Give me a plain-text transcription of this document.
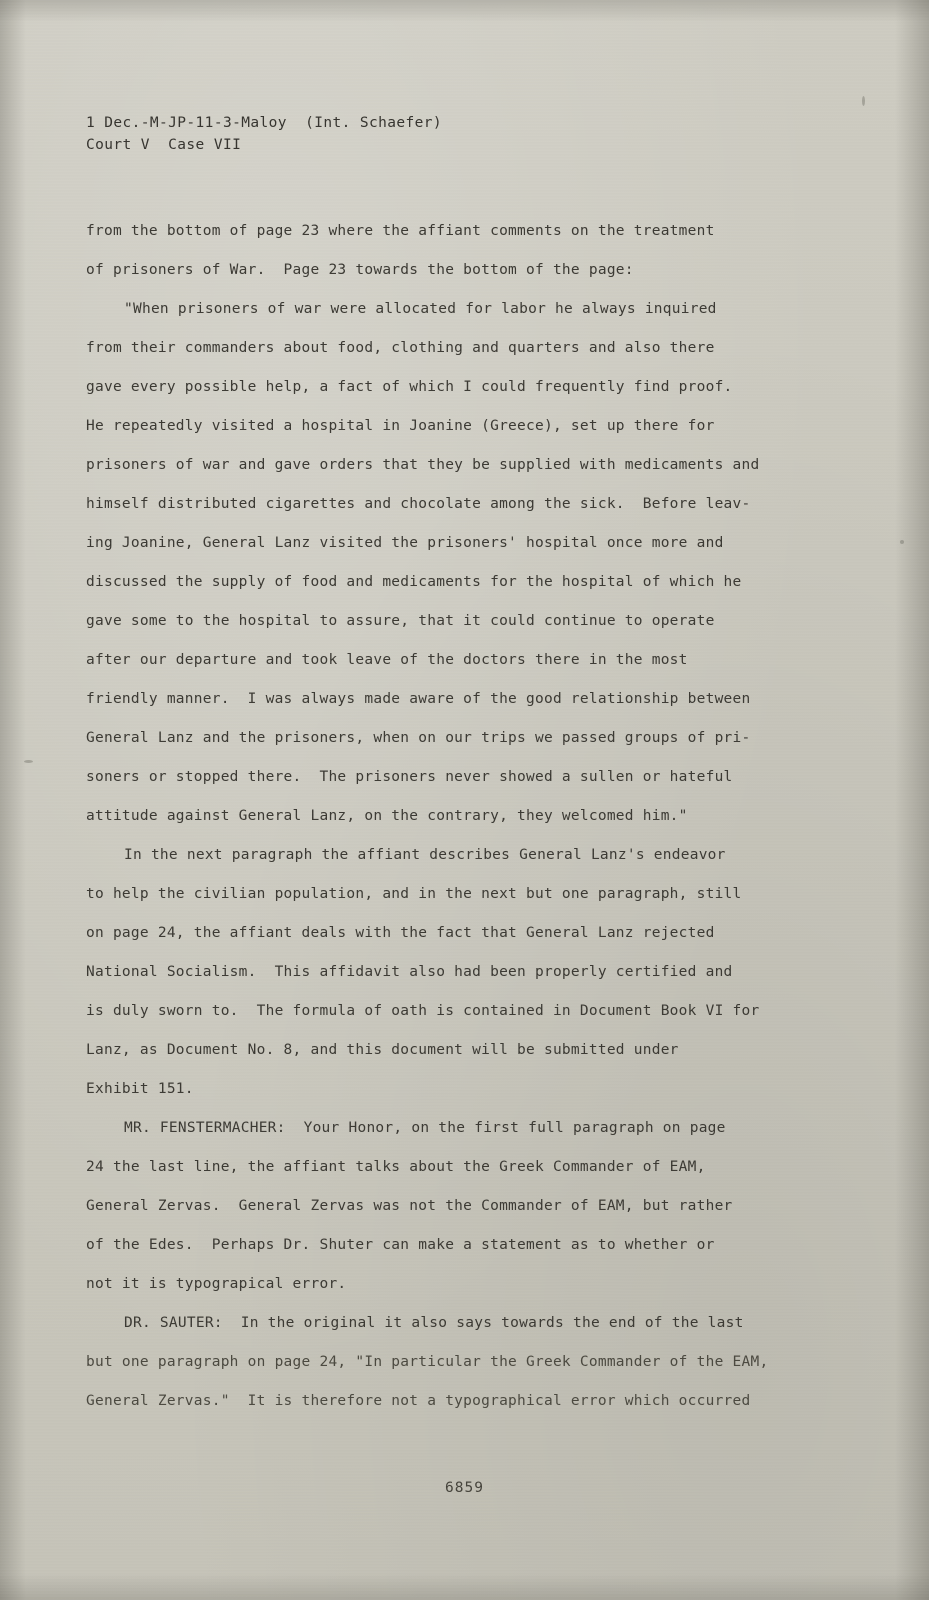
1 Dec.-M-JP-11-3-Maloy  (Int. Schaefer)
Court V  Case VII
from the bottom of page 23 where the affiant comments on the treatment
of prisoners of War.  Page 23 towards the bottom of the page:
"When prisoners of war were allocated for labor he always inquired
from their commanders about food, clothing and quarters and also there
gave every possible help, a fact of which I could frequently find proof.
He repeatedly visited a hospital in Joanine (Greece), set up there for
prisoners of war and gave orders that they be supplied with medicaments and
himself distributed cigarettes and chocolate among the sick.  Before leav-
ing Joanine, General Lanz visited the prisoners' hospital once more and
discussed the supply of food and medicaments for the hospital of which he
gave some to the hospital to assure, that it could continue to operate
after our departure and took leave of the doctors there in the most
friendly manner.  I was always made aware of the good relationship between
General Lanz and the prisoners, when on our trips we passed groups of pri-
soners or stopped there.  The prisoners never showed a sullen or hateful
attitude against General Lanz, on the contrary, they welcomed him."
In the next paragraph the affiant describes General Lanz's endeavor
to help the civilian population, and in the next but one paragraph, still
on page 24, the affiant deals with the fact that General Lanz rejected
National Socialism.  This affidavit also had been properly certified and
is duly sworn to.  The formula of oath is contained in Document Book VI for
Lanz, as Document No. 8, and this document will be submitted under
Exhibit 151.
MR. FENSTERMACHER:  Your Honor, on the first full paragraph on page
24 the last line, the affiant talks about the Greek Commander of EAM,
General Zervas.  General Zervas was not the Commander of EAM, but rather
of the Edes.  Perhaps Dr. Shuter can make a statement as to whether or
not it is typograpical error.
DR. SAUTER:  In the original it also says towards the end of the last
but one paragraph on page 24, "In particular the Greek Commander of the EAM,
General Zervas."  It is therefore not a typographical error which occurred
6859
